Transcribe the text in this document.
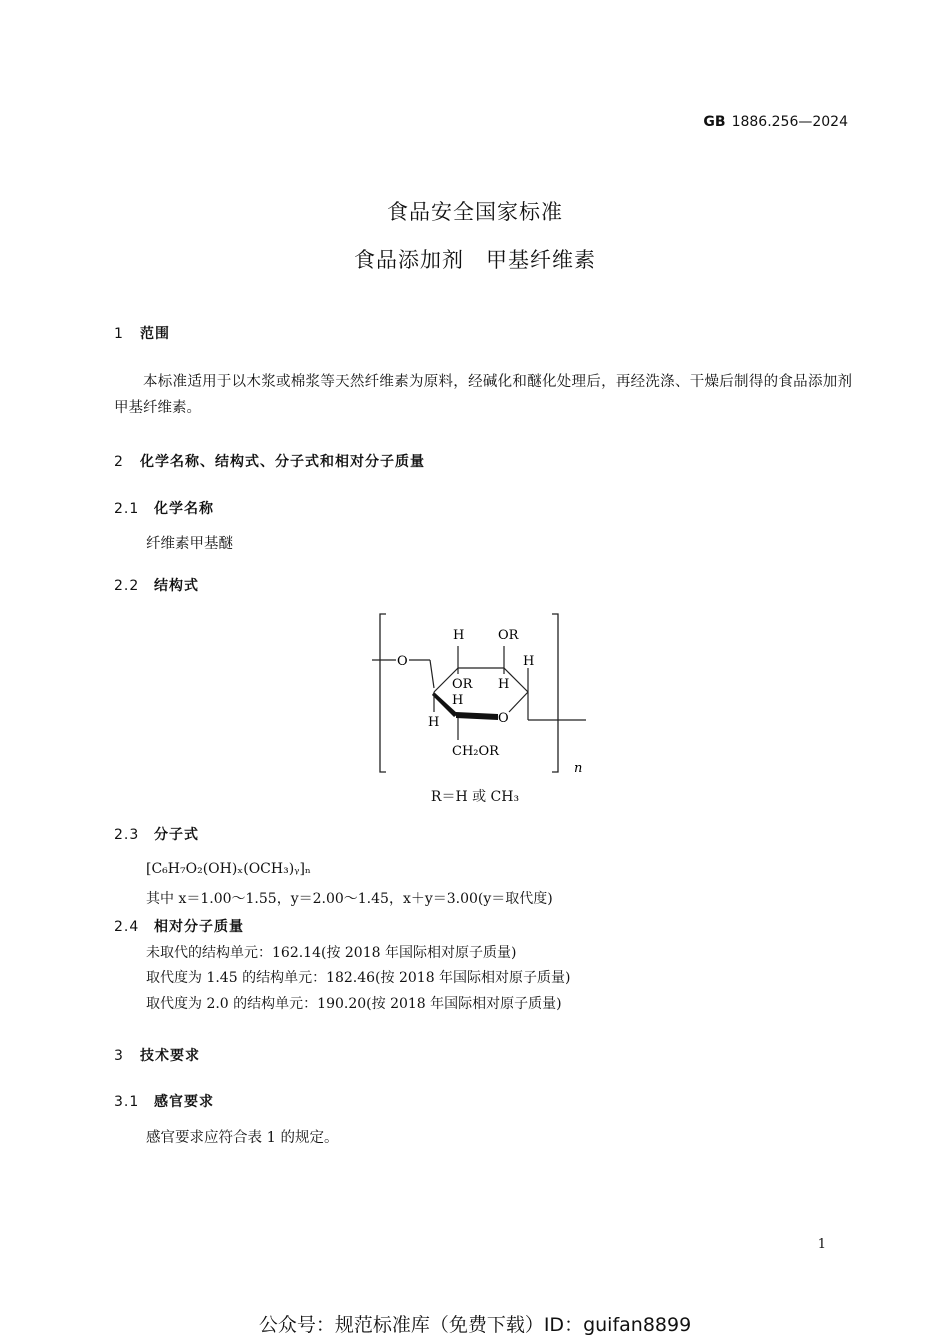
GB 1886.256—2024
食品安全国家标准
食品添加剂　甲基纤维素
1 范围
本标准适用于以木浆或棉浆等天然纤维素为原料，经碱化和醚化处理后，再经洗涤、干燥后制得的食品添加剂甲基纤维素。
2 化学名称、结构式、分子式和相对分子质量
2.1 化学名称
纤维素甲基醚
2.2 结构式
O
O
H
OR
OR
H
H
H
H
CH₂OR
n
R＝H 或 CH₃
2.3 分子式
[C₆H₇O₂(OH)ₓ(OCH₃)ᵧ]ₙ
其中 x＝1.00～1.55，y＝2.00～1.45，x＋y＝3.00(y＝取代度)
2.4 相对分子质量
未取代的结构单元：162.14(按 2018 年国际相对原子质量)
取代度为 1.45 的结构单元：182.46(按 2018 年国际相对原子质量)
取代度为 2.0 的结构单元：190.20(按 2018 年国际相对原子质量)
3 技术要求
3.1 感官要求
感官要求应符合表 1 的规定。
1
公众号：规范标准库（免费下载）ID：guifan8899
